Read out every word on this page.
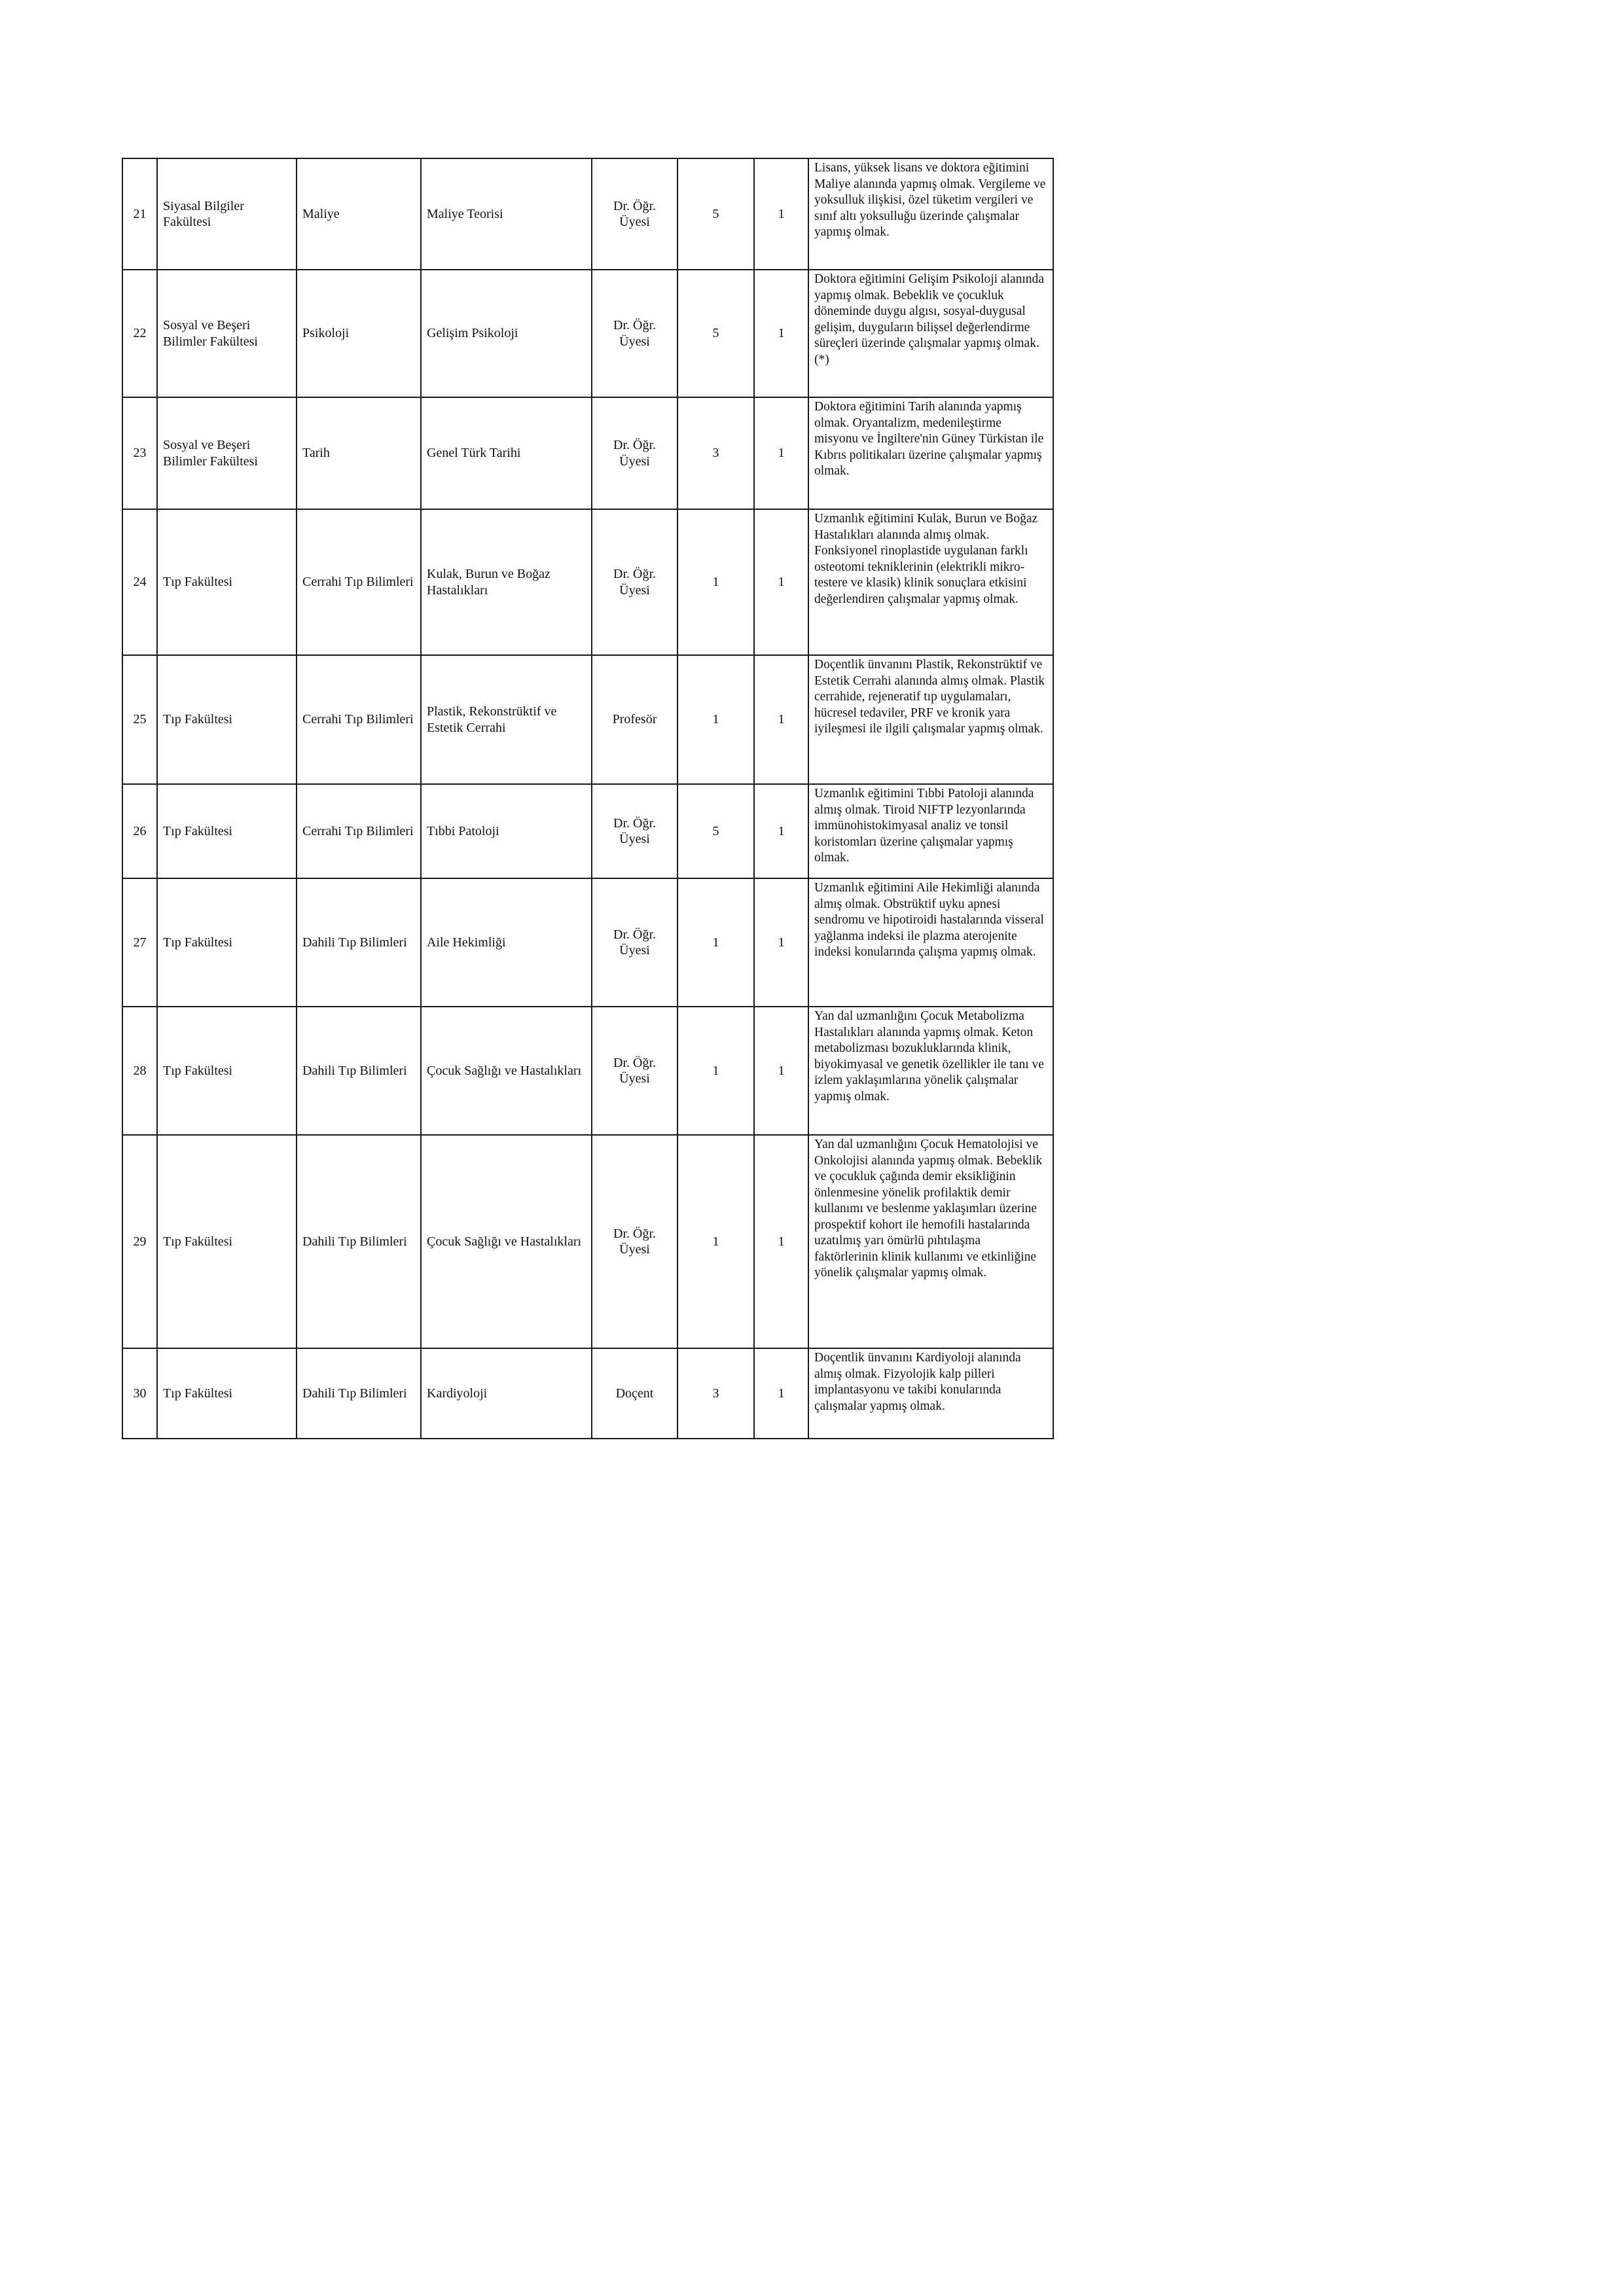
21	Siyasal Bilgiler Fakültesi	Maliye	Maliye Teorisi	Dr. Öğr. Üyesi	5	1	Lisans, yüksek lisans ve doktora eğitimini Maliye alanında yapmış olmak. Vergileme ve yoksulluk ilişkisi, özel tüketim vergileri ve sınıf altı yoksulluğu üzerinde çalışmalar yapmış olmak.
22	Sosyal ve Beşeri Bilimler Fakültesi	Psikoloji	Gelişim Psikoloji	Dr. Öğr. Üyesi	5	1	Doktora eğitimini Gelişim Psikoloji alanında yapmış olmak. Bebeklik ve çocukluk döneminde duygu algısı, sosyal-duygusal gelişim, duyguların bilişsel değerlendirme süreçleri üzerinde çalışmalar yapmış olmak.(*)
23	Sosyal ve Beşeri Bilimler Fakültesi	Tarih	Genel Türk Tarihi	Dr. Öğr. Üyesi	3	1	Doktora eğitimini Tarih alanında yapmış olmak. Oryantalizm, medenileştirme misyonu ve İngiltere'nin Güney Türkistan ile Kıbrıs politikaları üzerine çalışmalar yapmış olmak.
24	Tıp Fakültesi	Cerrahi Tıp Bilimleri	Kulak, Burun ve Boğaz Hastalıkları	Dr. Öğr. Üyesi	1	1	Uzmanlık eğitimini Kulak, Burun ve Boğaz Hastalıkları alanında almış olmak. Fonksiyonel rinoplastide uygulanan farklı osteotomi tekniklerinin (elektrikli mikro-testere ve klasik) klinik sonuçlara etkisini değerlendiren çalışmalar yapmış olmak.
25	Tıp Fakültesi	Cerrahi Tıp Bilimleri	Plastik, Rekonstrüktif ve Estetik Cerrahi	Profesör	1	1	Doçentlik ünvanını Plastik, Rekonstrüktif ve Estetik Cerrahi alanında almış olmak. Plastik cerrahide, rejeneratif tıp uygulamaları, hücresel tedaviler, PRF ve kronik yara iyileşmesi ile ilgili çalışmalar yapmış olmak.
26	Tıp Fakültesi	Cerrahi Tıp Bilimleri	Tıbbi Patoloji	Dr. Öğr. Üyesi	5	1	Uzmanlık eğitimini Tıbbi Patoloji alanında almış olmak. Tiroid NIFTP lezyonlarında immünohistokimyasal analiz ve tonsil koristomları üzerine çalışmalar yapmış olmak.
27	Tıp Fakültesi	Dahili Tıp Bilimleri	Aile Hekimliği	Dr. Öğr. Üyesi	1	1	Uzmanlık eğitimini Aile Hekimliği alanında almış olmak. Obstrüktif uyku apnesi sendromu ve hipotiroidi hastalarında visseral yağlanma indeksi ile plazma aterojenite indeksi konularında çalışma yapmış olmak.
28	Tıp Fakültesi	Dahili Tıp Bilimleri	Çocuk Sağlığı ve Hastalıkları	Dr. Öğr. Üyesi	1	1	Yan dal uzmanlığını Çocuk Metabolizma Hastalıkları alanında yapmış olmak. Keton metabolizması bozukluklarında klinik, biyokimyasal ve genetik özellikler ile tanı ve izlem yaklaşımlarına yönelik çalışmalar yapmış olmak.
29	Tıp Fakültesi	Dahili Tıp Bilimleri	Çocuk Sağlığı ve Hastalıkları	Dr. Öğr. Üyesi	1	1	Yan dal uzmanlığını Çocuk Hematolojisi ve Onkolojisi alanında yapmış olmak. Bebeklik ve çocukluk çağında demir eksikliğinin önlenmesine yönelik profilaktik demir kullanımı ve beslenme yaklaşımları üzerine prospektif kohort ile hemofili hastalarında uzatılmış yarı ömürlü pıhtılaşma faktörlerinin klinik kullanımı ve etkinliğine yönelik çalışmalar yapmış olmak.
30	Tıp Fakültesi	Dahili Tıp Bilimleri	Kardiyoloji	Doçent	3	1	Doçentlik ünvanını Kardiyoloji alanında almış olmak. Fizyolojik kalp pilleri implantasyonu ve takibi konularında çalışmalar yapmış olmak.
